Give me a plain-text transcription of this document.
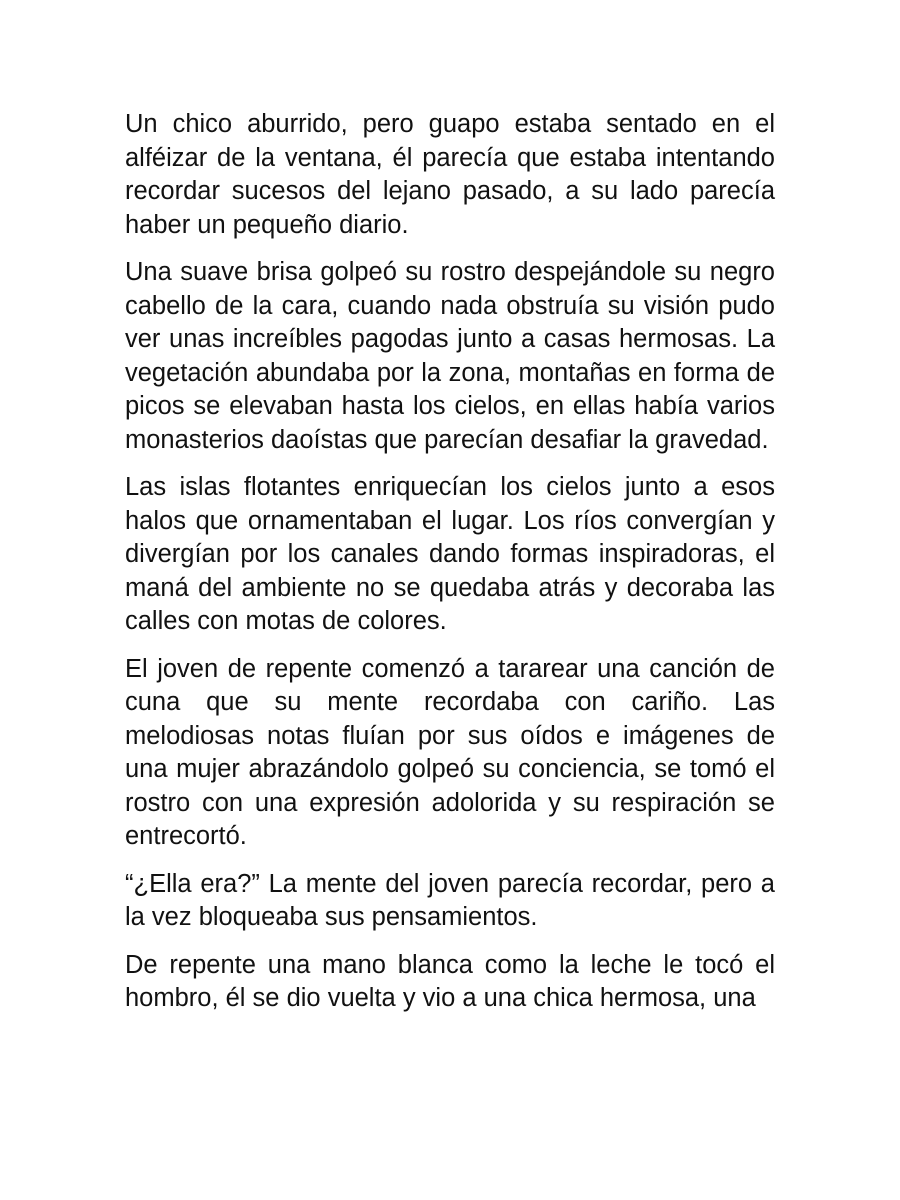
Un chico aburrido, pero guapo estaba sentado en el alféizar de la ventana, él parecía que estaba intentando recordar sucesos del lejano pasado, a su lado parecía haber un pequeño diario.

Una suave brisa golpeó su rostro despejándole su negro cabello de la cara, cuando nada obstruía su visión pudo ver unas increíbles pagodas junto a casas hermosas. La vegetación abundaba por la zona, montañas en forma de picos se elevaban hasta los cielos, en ellas había varios monasterios daoístas que parecían desafiar la gravedad.

Las islas flotantes enriquecían los cielos junto a esos halos que ornamentaban el lugar. Los ríos convergían y divergían por los canales dando formas inspiradoras, el maná del ambiente no se quedaba atrás y decoraba las calles con motas de colores.

El joven de repente comenzó a tararear una canción de cuna que su mente recordaba con cariño. Las melodiosas notas fluían por sus oídos e imágenes de una mujer abrazándolo golpeó su conciencia, se tomó el rostro con una expresión adolorida y su respiración se entrecortó.

“¿Ella era?” La mente del joven parecía recordar, pero a la vez bloqueaba sus pensamientos.

De repente una mano blanca como la leche le tocó el hombro, él se dio vuelta y vio a una chica hermosa, una
